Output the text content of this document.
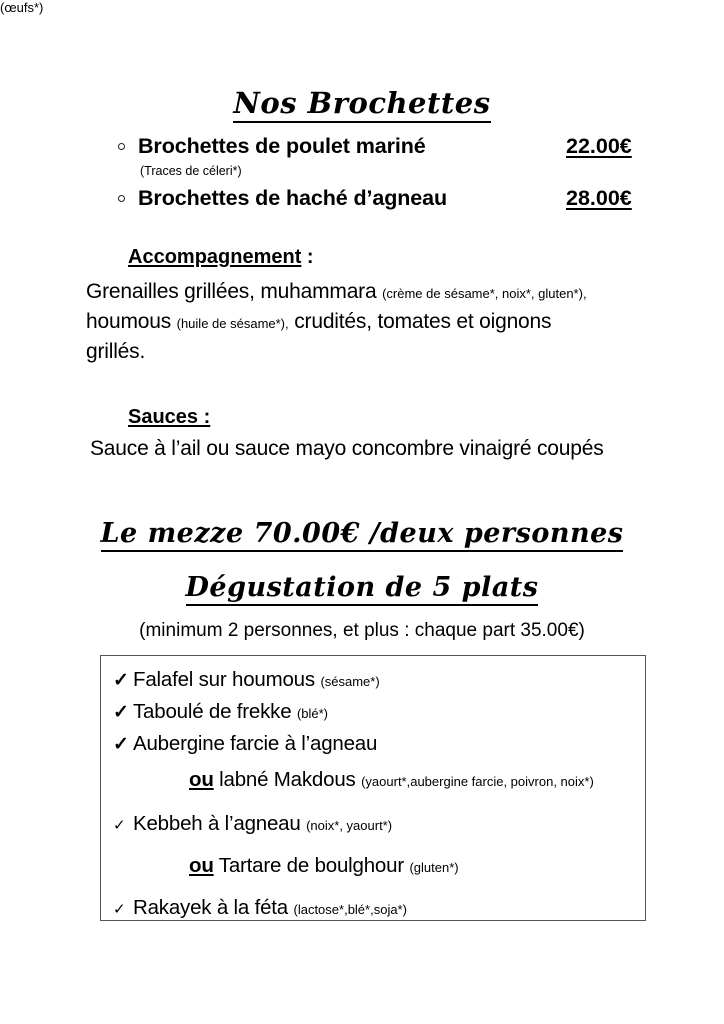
Nos Brochettes
Brochettes de poulet mariné	22.00€
(Traces de céleri*)
Brochettes de haché d’agneau	28.00€
Accompagnement :
Grenailles grillées, muhammara (crème de sésame*, noix*, gluten*),
houmous (huile de sésame*), crudités, tomates et oignons
grillés.
Sauces :
Sauce à l’ail ou sauce mayo concombre vinaigré coupés
(œufs*)
Le mezze 70.00€ /deux personnes
Dégustation de 5 plats
(minimum 2 personnes, et plus : chaque part 35.00€)
✓ Falafel sur houmous (sésame*)
✓ Taboulé de frekke (blé*)
✓ Aubergine farcie à l’agneau
ou labné Makdous (yaourt*,aubergine farcie, poivron, noix*)
✓ Kebbeh à l’agneau (noix*, yaourt*)
ou Tartare de boulghour (gluten*)
✓ Rakayek à la féta (lactose*,blé*,soja*)
